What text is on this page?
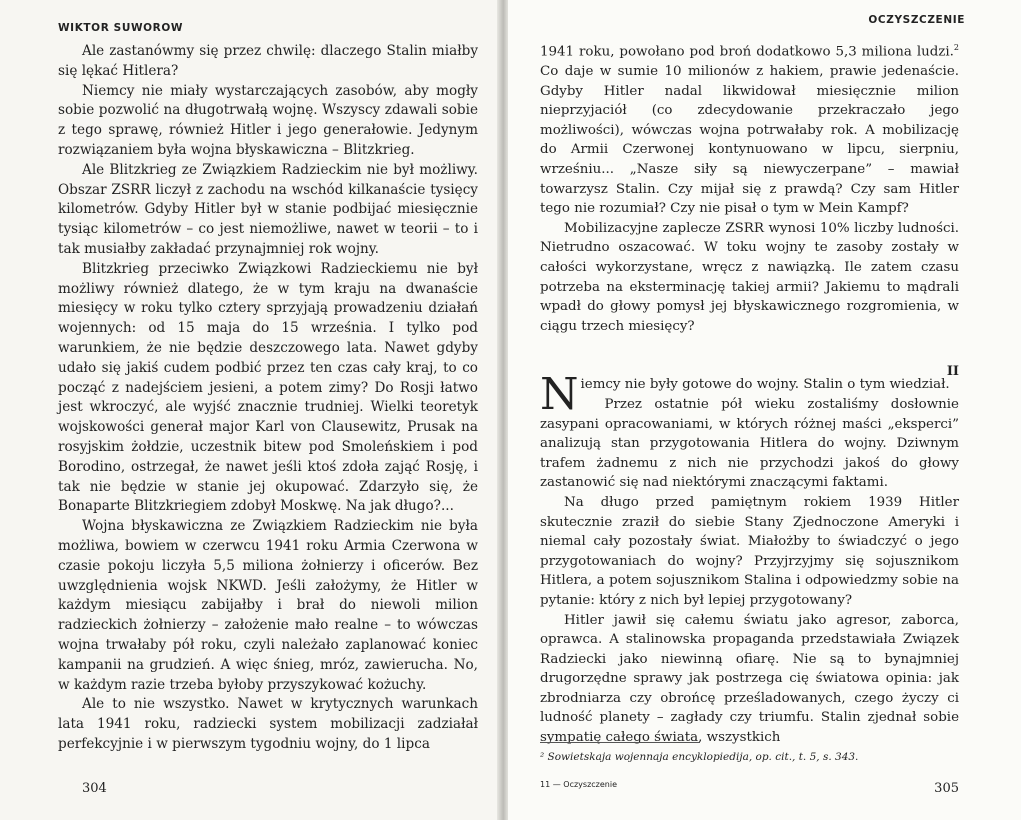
WIKTOR SUWOROW

Ale zastanówmy się przez chwilę: dlaczego Stalin miałby się lękać Hitlera?

Niemcy nie miały wystarczających zasobów, aby mogły sobie pozwolić na długotrwałą wojnę. Wszyscy zdawali sobie z tego sprawę, również Hitler i jego generałowie. Jedynym rozwiązaniem była wojna błyskawiczna – Blitzkrieg.

Ale Blitzkrieg ze Związkiem Radzieckim nie był możliwy. Obszar ZSRR liczył z zachodu na wschód kilkanaście tysięcy kilometrów. Gdyby Hitler był w stanie podbijać miesięcznie tysiąc kilometrów – co jest niemożliwe, nawet w teorii – to i tak musiałby zakładać przynajmniej rok wojny.

Blitzkrieg przeciwko Związkowi Radzieckiemu nie był możliwy również dlatego, że w tym kraju na dwanaście miesięcy w roku tylko cztery sprzyjają prowadzeniu działań wojennych: od 15 maja do 15 września. I tylko pod warunkiem, że nie będzie deszczowego lata. Nawet gdyby udało się jakiś cudem podbić przez ten czas cały kraj, to co począć z nadejściem jesieni, a potem zimy? Do Rosji łatwo jest wkroczyć, ale wyjść znacznie trudniej. Wielki teoretyk wojskowości generał major Karl von Clausewitz, Prusak na rosyjskim żołdzie, uczestnik bitew pod Smoleńskiem i pod Borodino, ostrzegał, że nawet jeśli ktoś zdoła zająć Rosję, i tak nie będzie w stanie jej okupować. Zdarzyło się, że Bonaparte Blitzkriegiem zdobył Moskwę. Na jak długo?...

Wojna błyskawiczna ze Związkiem Radzieckim nie była możliwa, bowiem w czerwcu 1941 roku Armia Czerwona w czasie pokoju liczyła 5,5 miliona żołnierzy i oficerów. Bez uwzględnienia wojsk NKWD. Jeśli założymy, że Hitler w każdym miesiącu zabijałby i brał do niewoli milion radzieckich żołnierzy – założenie mało realne – to wówczas wojna trwałaby pół roku, czyli należało zaplanować koniec kampanii na grudzień. A więc śnieg, mróz, zawierucha. No, w każdym razie trzeba byłoby przyszykować kożuchy.

Ale to nie wszystko. Nawet w krytycznych warunkach lata 1941 roku, radziecki system mobilizacji zadziałał perfekcyjnie i w pierwszym tygodniu wojny, do 1 lipca

304
OCZYSZCZENIE

1941 roku, powołano pod broń dodatkowo 5,3 miliona ludzi.$^2$ Co daje w sumie 10 milionów z hakiem, prawie jedenaście. Gdyby Hitler nadal likwidował miesięcznie milion nieprzyjaciół (co zdecydowanie przekraczało jego możliwości), wówczas wojna potrwałaby rok. A mobilizację do Armii Czerwonej kontynuowano w lipcu, sierpniu, wrześniu... „Nasze siły są niewyczerpane” – mawiał towarzysz Stalin. Czy mijał się z prawdą? Czy sam Hitler tego nie rozumiał? Czy nie pisał o tym w Mein Kampf?

Mobilizacyjne zaplecze ZSRR wynosi 10% liczby ludności. Nietrudno oszacować. W toku wojny te zasoby zostały w całości wykorzystane, wręcz z nawiązką. Ile zatem czasu potrzeba na eksterminację takiej armii? Jakiemu to mądrali wpadł do głowy pomysł jej błyskawicznego rozgromienia, w ciągu trzech miesięcy?

II

Niemcy nie były gotowe do wojny. Stalin o tym wiedział.

Przez ostatnie pół wieku zostaliśmy dosłownie zasypani opracowaniami, w których różnej maści „eksperci” analizują stan przygotowania Hitlera do wojny. Dziwnym trafem żadnemu z nich nie przychodzi jakoś do głowy zastanowić się nad niektórymi znaczącymi faktami.

Na długo przed pamiętnym rokiem 1939 Hitler skutecznie zraził do siebie Stany Zjednoczone Ameryki i niemal cały pozostały świat. Miałożby to świadczyć o jego przygotowaniach do wojny? Przyjrzyjmy się sojusznikom Hitlera, a potem sojusznikom Stalina i odpowiedzmy sobie na pytanie: który z nich był lepiej przygotowany?

Hitler jawił się całemu światu jako agresor, zaborca, oprawca. A stalinowska propaganda przedstawiała Związek Radziecki jako niewinną ofiarę. Nie są to bynajmniej drugorzędne sprawy jak postrzega cię światowa opinia: jak zbrodniarza czy obrońcę prześladowanych, czego życzy ci ludność planety – zagłady czy triumfu. Stalin zjednał sobie sympatię całego świata, wszystkich

² Sowietskaja wojennaja encyklopiedija, op. cit., t. 5, s. 343.
11 — Oczyszczenie	305
